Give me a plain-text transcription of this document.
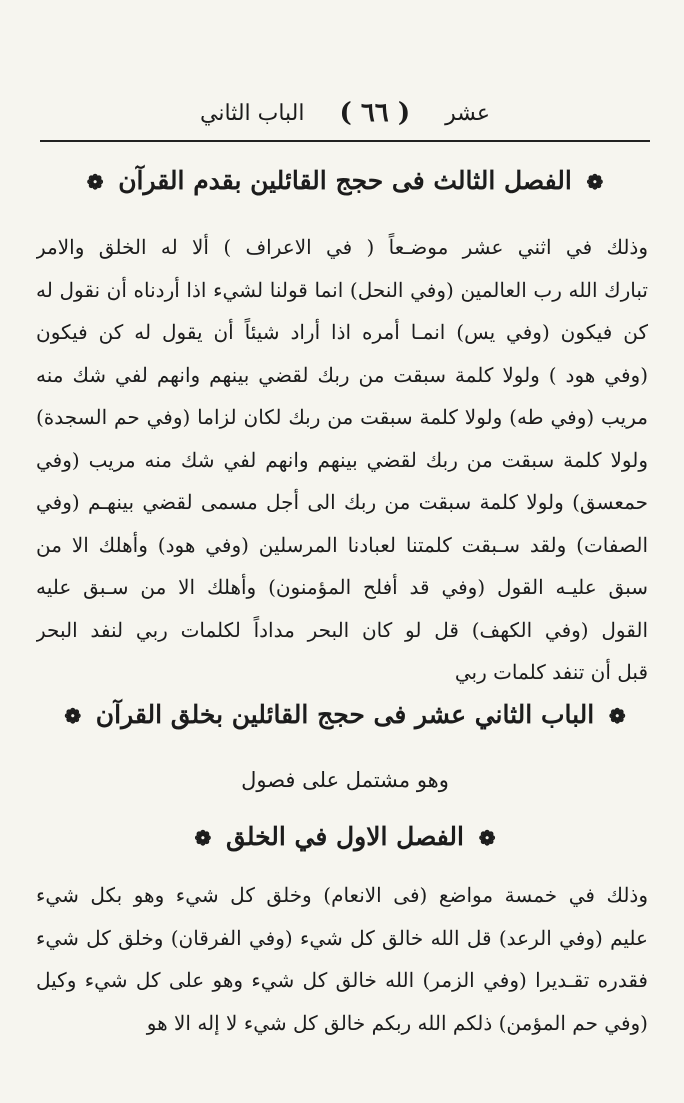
الباب الثاني ( ٦٦ ) عشر
❁ الفصل الثالث فى حجج القائلين بقدم القرآن ❁
وذلك في اثني عشر موضـعاً ( في الاعراف ) ألا له الخلق والامر
تبارك الله رب العالمين (وفي النحل) انما قولنا لشيء اذا أردناه أن نقول له
كن فيكون (وفي يس) انمـا أمره اذا أراد شيئاً أن يقول له كن فيكون
(وفي هود ) ولولا كلمة سبقت من ربك لقضي بينهم وانهم لفي شك منه
مريب (وفي طه) ولولا كلمة سبقت من ربك لكان لزاما (وفي حم السجدة)
ولولا كلمة سبقت من ربك لقضي بينهم وانهم لفي شك منه مريب (وفي
حمعسق) ولولا كلمة سبقت من ربك الى أجل مسمى لقضي بينهـم (وفي
الصفات) ولقد سـبقت كلمتنا لعبادنا المرسلين (وفي هود) وأهلك الا من
سبق عليـه القول (وفي قد أفلح المؤمنون) وأهلك الا من سـبق عليه
القول (وفي الكهف) قل لو كان البحر مداداً لكلمات ربي لنفد البحر
قبل أن تنفد كلمات ربي
❁ الباب الثاني عشر فى حجج القائلين بخلق القرآن ❁
وهو مشتمل على فصول
❁ الفصل الاول في الخلق ❁
وذلك في خمسة مواضع (فى الانعام) وخلق كل شيء وهو بكل شيء
عليم (وفي الرعد) قل الله خالق كل شيء (وفي الفرقان) وخلق كل شيء
فقدره تقـديرا (وفي الزمر) الله خالق كل شيء وهو على كل شيء وكيل
(وفي حم المؤمن) ذلكم الله ربكم خالق كل شيء لا إله الا هو
